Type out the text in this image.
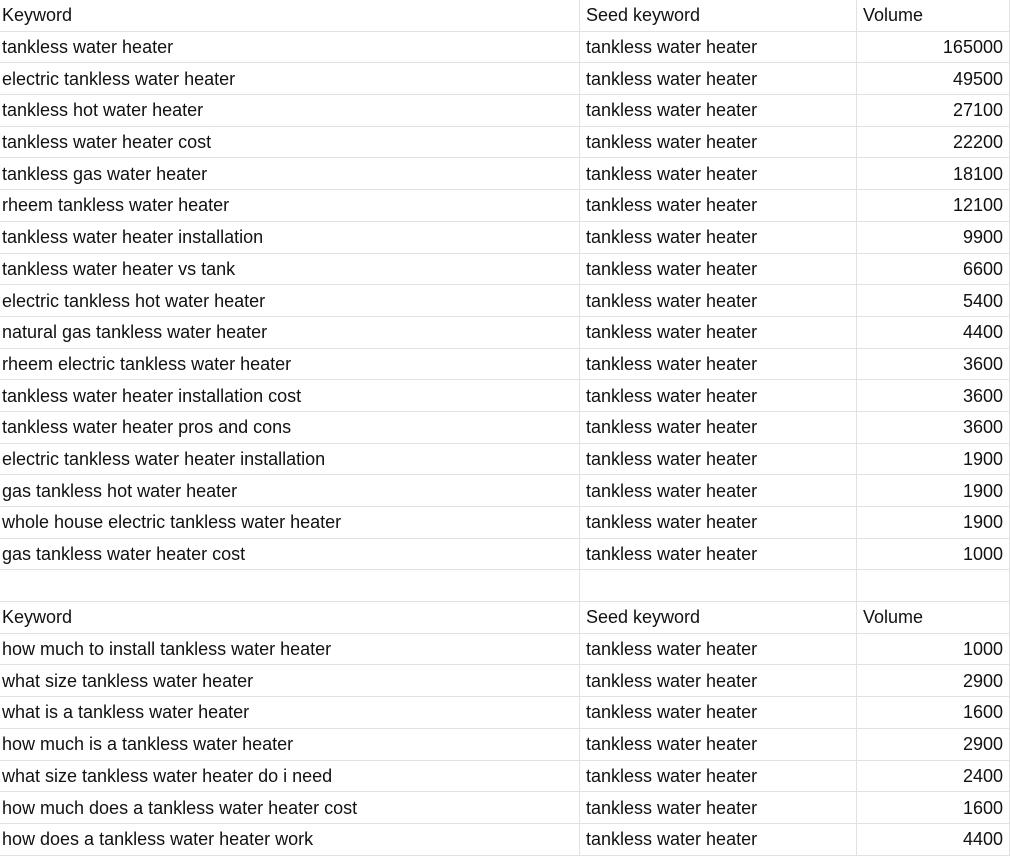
Keyword	Seed keyword	Volume
tankless water heater	tankless water heater	165000
electric tankless water heater	tankless water heater	49500
tankless hot water heater	tankless water heater	27100
tankless water heater cost	tankless water heater	22200
tankless gas water heater	tankless water heater	18100
rheem tankless water heater	tankless water heater	12100
tankless water heater installation	tankless water heater	9900
tankless water heater vs tank	tankless water heater	6600
electric tankless hot water heater	tankless water heater	5400
natural gas tankless water heater	tankless water heater	4400
rheem electric tankless water heater	tankless water heater	3600
tankless water heater installation cost	tankless water heater	3600
tankless water heater pros and cons	tankless water heater	3600
electric tankless water heater installation	tankless water heater	1900
gas tankless hot water heater	tankless water heater	1900
whole house electric tankless water heater	tankless water heater	1900
gas tankless water heater cost	tankless water heater	1000
Keyword	Seed keyword	Volume
how much to install tankless water heater	tankless water heater	1000
what size tankless water heater	tankless water heater	2900
what is a tankless water heater	tankless water heater	1600
how much is a tankless water heater	tankless water heater	2900
what size tankless water heater do i need	tankless water heater	2400
how much does a tankless water heater cost	tankless water heater	1600
how does a tankless water heater work	tankless water heater	4400
